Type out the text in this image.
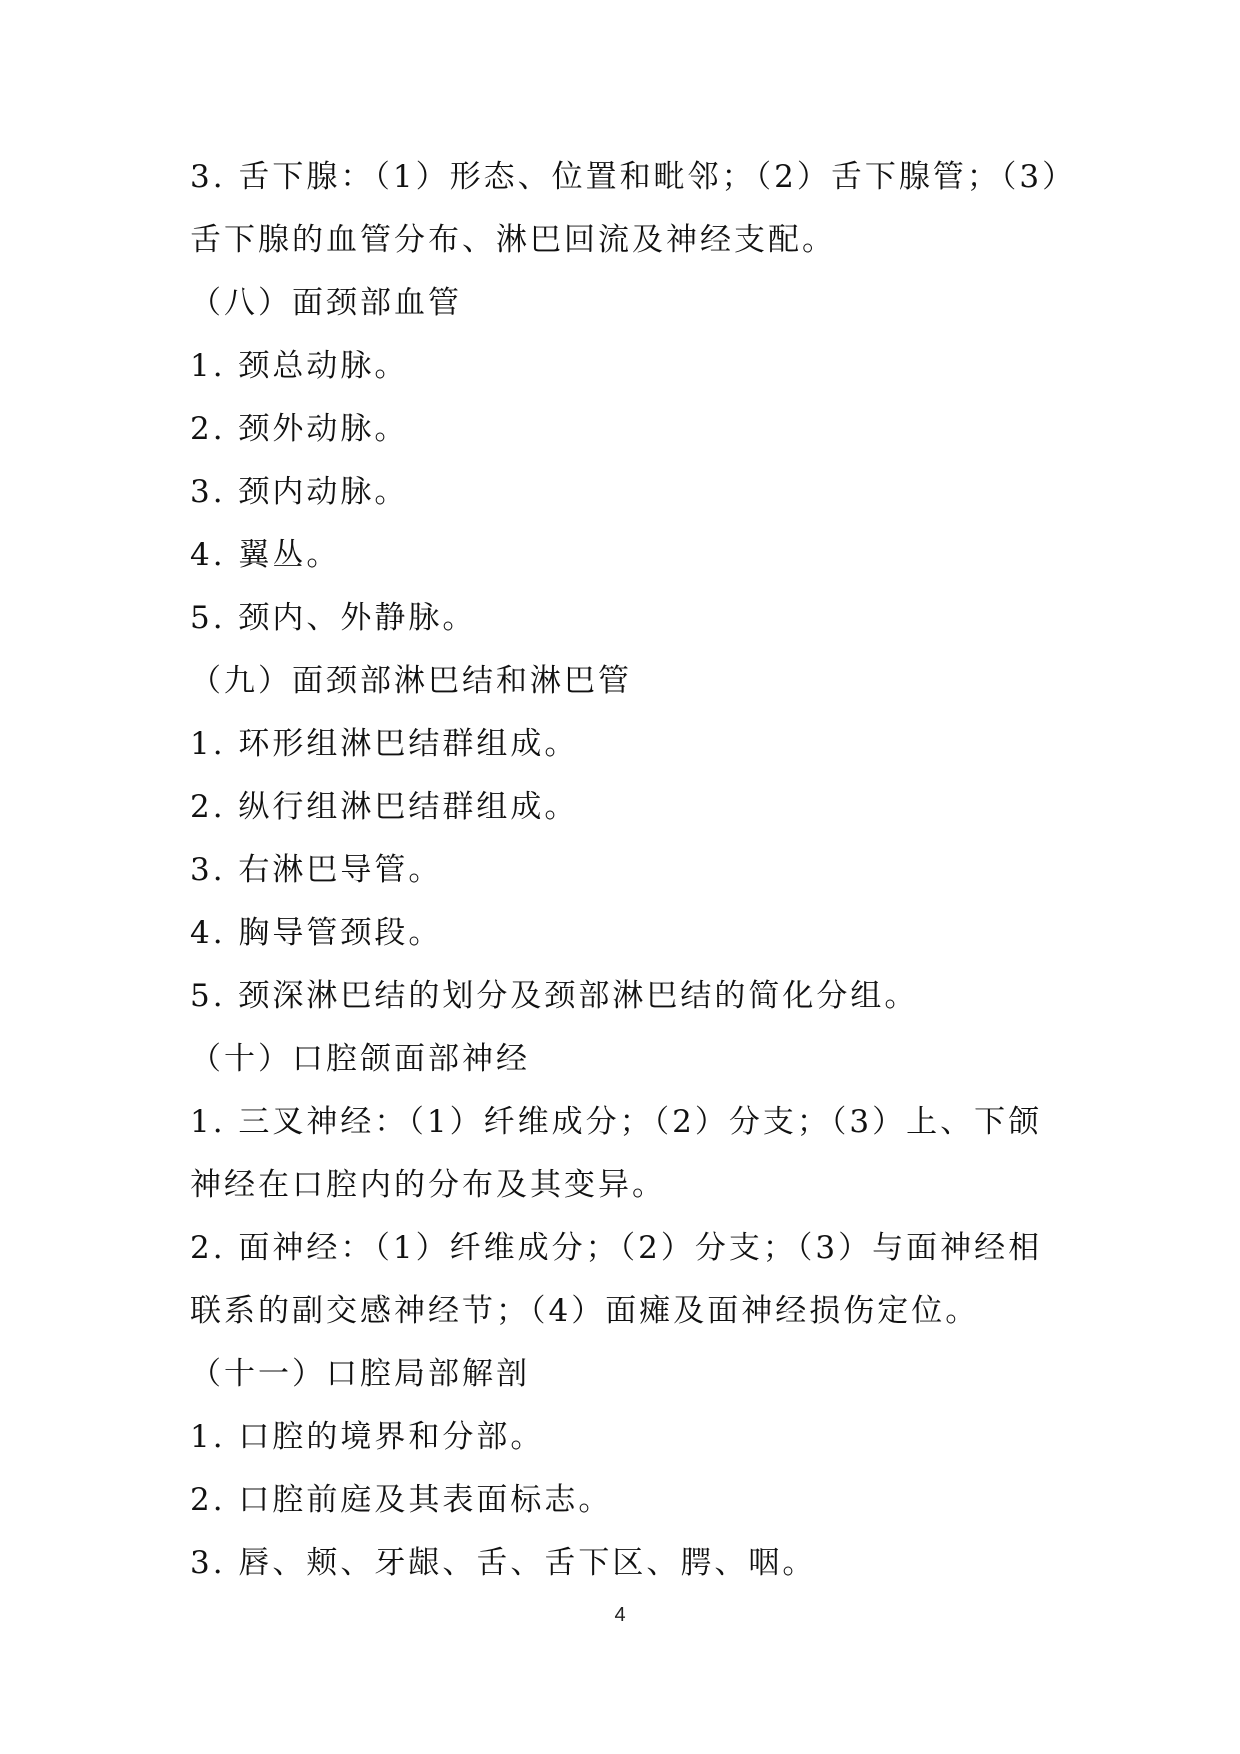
3. 舌下腺：（1）形态、位置和毗邻；（2）舌下腺管；（3）
舌下腺的血管分布、淋巴回流及神经支配。
（八）面颈部血管
1. 颈总动脉。
2. 颈外动脉。
3. 颈内动脉。
4. 翼丛。
5. 颈内、外静脉。
（九）面颈部淋巴结和淋巴管
1. 环形组淋巴结群组成。
2. 纵行组淋巴结群组成。
3. 右淋巴导管。
4. 胸导管颈段。
5. 颈深淋巴结的划分及颈部淋巴结的简化分组。
（十）口腔颌面部神经
1. 三叉神经：（1）纤维成分；（2）分支；（3）上、下颌
神经在口腔内的分布及其变异。
2. 面神经：（1）纤维成分；（2）分支；（3）与面神经相
联系的副交感神经节；（4）面瘫及面神经损伤定位。
（十一）口腔局部解剖
1. 口腔的境界和分部。
2. 口腔前庭及其表面标志。
3. 唇、颊、牙龈、舌、舌下区、腭、咽。
4
